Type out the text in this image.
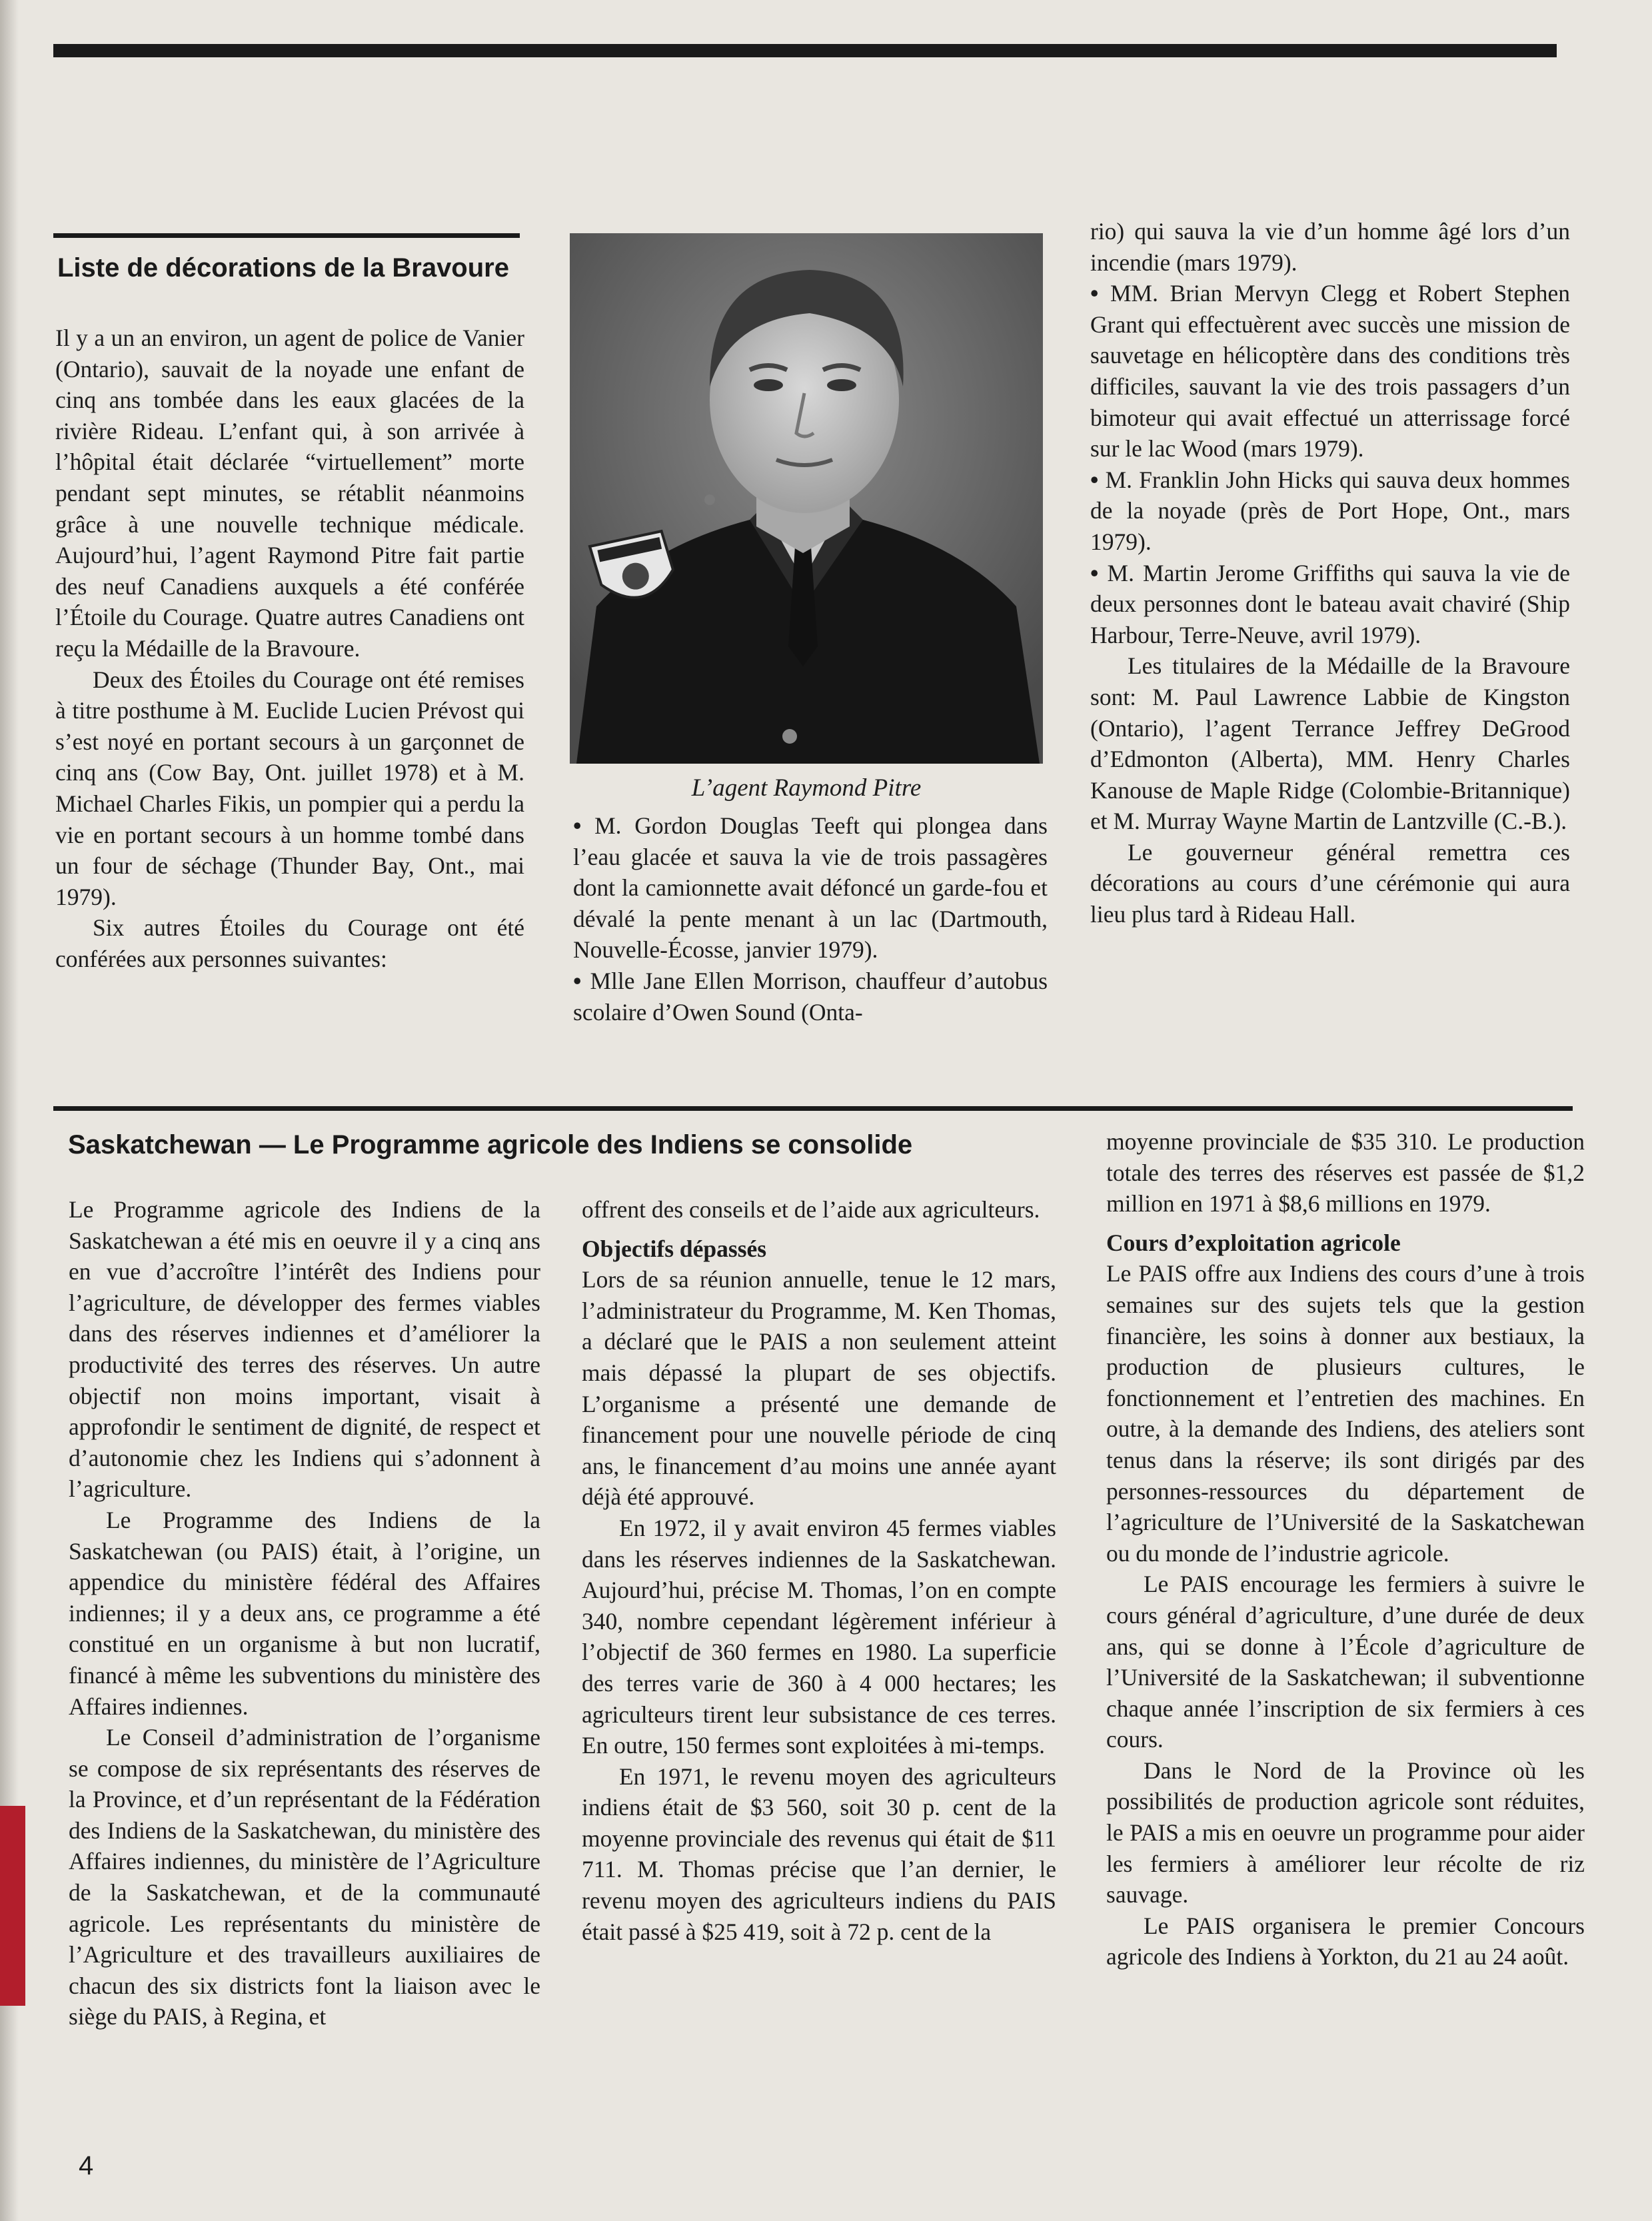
Liste de décorations de la Bravoure

Il y a un an environ, un agent de police de Vanier (Ontario), sauvait de la noyade une enfant de cinq ans tombée dans les eaux glacées de la rivière Rideau. L’enfant qui, à son arrivée à l’hôpital était déclarée “virtuellement” morte pendant sept minutes, se rétablit néanmoins grâce à une nouvelle technique médicale. Aujourd’hui, l’agent Raymond Pitre fait partie des neuf Canadiens auxquels a été conférée l’Étoile du Courage. Quatre autres Canadiens ont reçu la Médaille de la Bravoure.

Deux des Étoiles du Courage ont été remises à titre posthume à M. Euclide Lucien Prévost qui s’est noyé en portant secours à un garçonnet de cinq ans (Cow Bay, Ont. juillet 1978) et à M. Michael Charles Fikis, un pompier qui a perdu la vie en portant secours à un homme tombé dans un four de séchage (Thunder Bay, Ont., mai 1979).

Six autres Étoiles du Courage ont été conférées aux personnes suivantes:

L’agent Raymond Pitre

• M. Gordon Douglas Teeft qui plongea dans l’eau glacée et sauva la vie de trois passagères dont la camionnette avait défoncé un garde-fou et dévalé la pente menant à un lac (Dartmouth, Nouvelle-Écosse, janvier 1979).

• Mlle Jane Ellen Morrison, chauffeur d’autobus scolaire d’Owen Sound (Onta-

rio) qui sauva la vie d’un homme âgé lors d’un incendie (mars 1979).

• MM. Brian Mervyn Clegg et Robert Stephen Grant qui effectuèrent avec succès une mission de sauvetage en hélicoptère dans des conditions très difficiles, sauvant la vie des trois passagers d’un bimoteur qui avait effectué un atterrissage forcé sur le lac Wood (mars 1979).

• M. Franklin John Hicks qui sauva deux hommes de la noyade (près de Port Hope, Ont., mars 1979).

• M. Martin Jerome Griffiths qui sauva la vie de deux personnes dont le bateau avait chaviré (Ship Harbour, Terre-Neuve, avril 1979).

Les titulaires de la Médaille de la Bravoure sont: M. Paul Lawrence Labbie de Kingston (Ontario), l’agent Terrance Jeffrey DeGrood d’Edmonton (Alberta), MM. Henry Charles Kanouse de Maple Ridge (Colombie-Britannique) et M. Murray Wayne Martin de Lantzville (C.-B.).

Le gouverneur général remettra ces décorations au cours d’une cérémonie qui aura lieu plus tard à Rideau Hall.

Saskatchewan — Le Programme agricole des Indiens se consolide

Le Programme agricole des Indiens de la Saskatchewan a été mis en oeuvre il y a cinq ans en vue d’accroître l’intérêt des Indiens pour l’agriculture, de développer des fermes viables dans des réserves indiennes et d’améliorer la productivité des terres des réserves. Un autre objectif non moins important, visait à approfondir le sentiment de dignité, de respect et d’autonomie chez les Indiens qui s’adonnent à l’agriculture.

Le Programme des Indiens de la Saskatchewan (ou PAIS) était, à l’origine, un appendice du ministère fédéral des Affaires indiennes; il y a deux ans, ce programme a été constitué en un organisme à but non lucratif, financé à même les subventions du ministère des Affaires indiennes.

Le Conseil d’administration de l’organisme se compose de six représentants des réserves de la Province, et d’un représentant de la Fédération des Indiens de la Saskatchewan, du ministère des Affaires indiennes, du ministère de l’Agriculture de la Saskatchewan, et de la communauté agricole. Les représentants du ministère de l’Agriculture et des travailleurs auxiliaires de chacun des six districts font la liaison avec le siège du PAIS, à Regina, et

offrent des conseils et de l’aide aux agriculteurs.

Objectifs dépassés

Lors de sa réunion annuelle, tenue le 12 mars, l’administrateur du Programme, M. Ken Thomas, a déclaré que le PAIS a non seulement atteint mais dépassé la plupart de ses objectifs. L’organisme a présenté une demande de financement pour une nouvelle période de cinq ans, le financement d’au moins une année ayant déjà été approuvé.

En 1972, il y avait environ 45 fermes viables dans les réserves indiennes de la Saskatchewan. Aujourd’hui, précise M. Thomas, l’on en compte 340, nombre cependant légèrement inférieur à l’objectif de 360 fermes en 1980. La superficie des terres varie de 360 à 4 000 hectares; les agriculteurs tirent leur subsistance de ces terres. En outre, 150 fermes sont exploitées à mi-temps.

En 1971, le revenu moyen des agriculteurs indiens était de $3 560, soit 30 p. cent de la moyenne provinciale des revenus qui était de $11 711. M. Thomas précise que l’an dernier, le revenu moyen des agriculteurs indiens du PAIS était passé à $25 419, soit à 72 p. cent de la

moyenne provinciale de $35 310. Le production totale des terres des réserves est passée de $1,2 million en 1971 à $8,6 millions en 1979.

Cours d’exploitation agricole

Le PAIS offre aux Indiens des cours d’une à trois semaines sur des sujets tels que la gestion financière, les soins à donner aux bestiaux, la production de plusieurs cultures, le fonctionnement et l’entretien des machines. En outre, à la demande des Indiens, des ateliers sont tenus dans la réserve; ils sont dirigés par des personnes-ressources du département de l’agriculture de l’Université de la Saskatchewan ou du monde de l’industrie agricole.

Le PAIS encourage les fermiers à suivre le cours général d’agriculture, d’une durée de deux ans, qui se donne à l’École d’agriculture de l’Université de la Saskatchewan; il subventionne chaque année l’inscription de six fermiers à ces cours.

Dans le Nord de la Province où les possibilités de production agricole sont réduites, le PAIS a mis en oeuvre un programme pour aider les fermiers à améliorer leur récolte de riz sauvage.

Le PAIS organisera le premier Concours agricole des Indiens à Yorkton, du 21 au 24 août.

4
